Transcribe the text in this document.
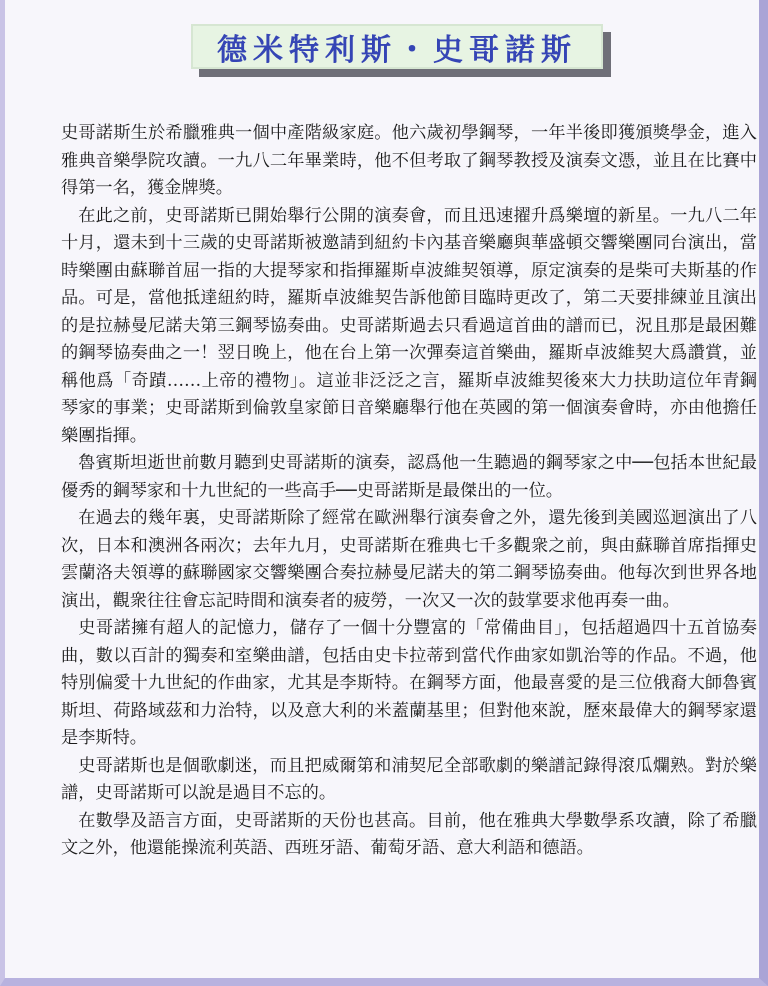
德米特利斯・史哥諾斯

史哥諾斯生於希臘雅典一個中產階級家庭。他六歲初學鋼琴，一年半後即獲頒獎學金，進入雅典音樂學院攻讀。一九八二年畢業時，他不但考取了鋼琴教授及演奏文憑，並且在比賽中得第一名，獲金牌獎。

在此之前，史哥諾斯已開始舉行公開的演奏會，而且迅速擢升爲樂壇的新星。一九八二年十月，還未到十三歲的史哥諾斯被邀請到紐約卡內基音樂廳與華盛頓交響樂團同台演出，當時樂團由蘇聯首屈一指的大提琴家和指揮羅斯卓波維契領導，原定演奏的是柴可夫斯基的作品。可是，當他抵達紐約時，羅斯卓波維契告訴他節目臨時更改了，第二天要排練並且演出的是拉赫曼尼諾夫第三鋼琴協奏曲。史哥諾斯過去只看過這首曲的譜而已，況且那是最困難的鋼琴協奏曲之一！翌日晚上，他在台上第一次彈奏這首樂曲，羅斯卓波維契大爲讚賞，並稱他爲「奇蹟……上帝的禮物」。這並非泛泛之言，羅斯卓波維契後來大力扶助這位年青鋼琴家的事業；史哥諾斯到倫敦皇家節日音樂廳舉行他在英國的第一個演奏會時，亦由他擔任樂團指揮。

魯賓斯坦逝世前數月聽到史哥諾斯的演奏，認爲他一生聽過的鋼琴家之中──包括本世紀最優秀的鋼琴家和十九世紀的一些高手──史哥諾斯是最傑出的一位。

在過去的幾年裏，史哥諾斯除了經常在歐洲舉行演奏會之外，還先後到美國巡迴演出了八次，日本和澳洲各兩次；去年九月，史哥諾斯在雅典七千多觀衆之前，與由蘇聯首席指揮史雲蘭洛夫領導的蘇聯國家交響樂團合奏拉赫曼尼諾夫的第二鋼琴協奏曲。他每次到世界各地演出，觀衆往往會忘記時間和演奏者的疲勞，一次又一次的鼓掌要求他再奏一曲。

史哥諾擁有超人的記憶力，儲存了一個十分豐富的「常備曲目」，包括超過四十五首協奏曲，數以百計的獨奏和室樂曲譜，包括由史卡拉蒂到當代作曲家如凱治等的作品。不過，他特別偏愛十九世紀的作曲家，尤其是李斯特。在鋼琴方面，他最喜愛的是三位俄裔大師魯賓斯坦、荷路域茲和力治特，以及意大利的米蓋蘭基里；但對他來說，歷來最偉大的鋼琴家還是李斯特。

史哥諾斯也是個歌劇迷，而且把威爾第和浦契尼全部歌劇的樂譜記錄得滾瓜爛熟。對於樂譜，史哥諾斯可以說是過目不忘的。

在數學及語言方面，史哥諾斯的天份也甚高。目前，他在雅典大學數學系攻讀，除了希臘文之外，他還能操流利英語、西班牙語、葡萄牙語、意大利語和德語。
